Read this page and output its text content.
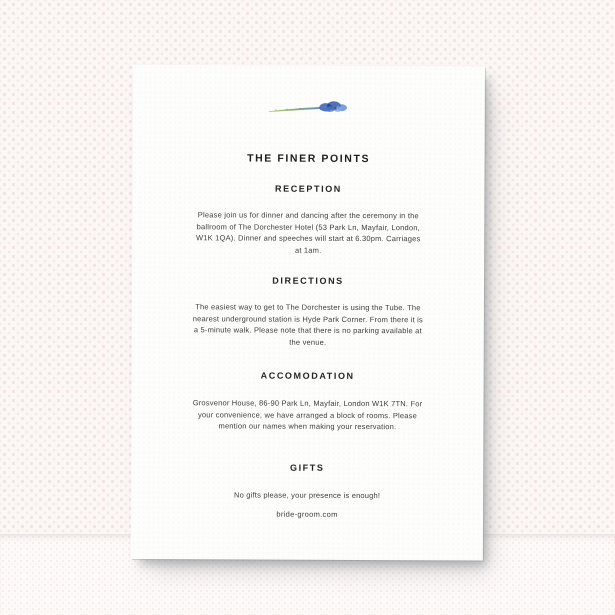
THE FINER POINTS
RECEPTION

Please join us for dinner and dancing after the ceremony in the
ballroom of The Dorchester Hotel (53 Park Ln, Mayfair, London,
W1K 1QA). Dinner and speeches will start at 6.30pm. Carriages
at 1am.

DIRECTIONS

The easiest way to get to The Dorchester is using the Tube. The
nearest underground station is Hyde Park Corner. From there it is
a 5-minute walk. Please note that there is no parking available at
the venue.

ACCOMODATION

Grosvenor House, 86-90 Park Ln, Mayfair, London W1K 7TN. For
your convenience, we have arranged a block of rooms. Please
mention our names when making your reservation.

GIFTS

No gifts please, your presence is enough!

bride-groom.com
